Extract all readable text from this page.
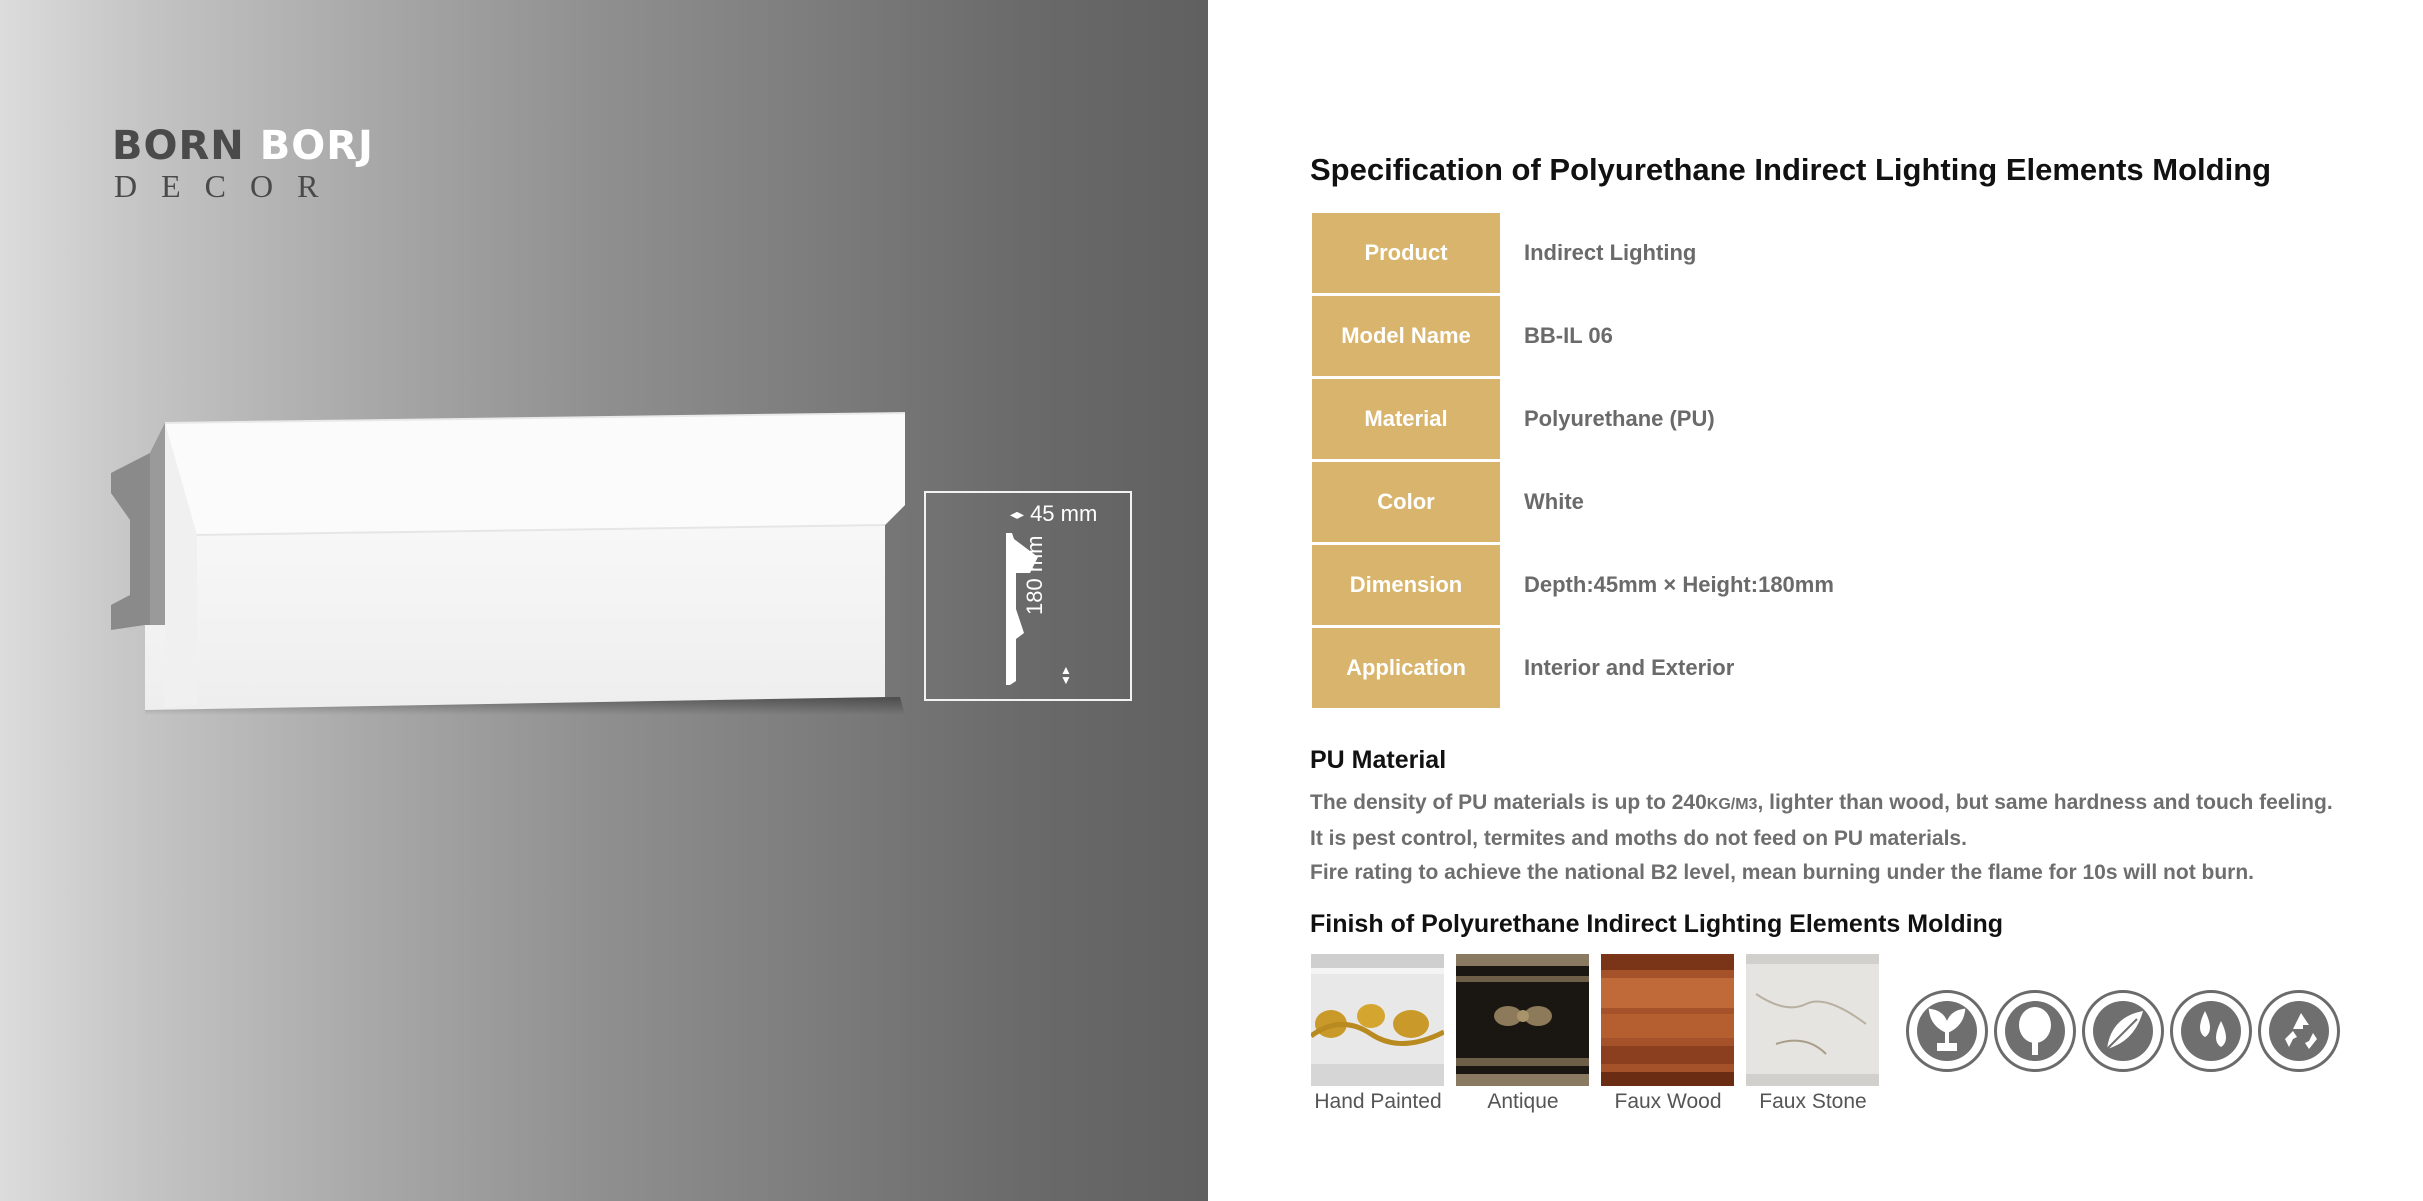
BORN BORJ
DECOR
◂▸ 45 mm
180 mm
▲
▼
Specification of Polyurethane Indirect Lighting Elements Molding
Product	Indirect Lighting
Model Name	BB-IL 06
Material	Polyurethane (PU)
Color	White
Dimension	Depth:45mm × Height:180mm
Application	Interior and Exterior
PU Material
The density of PU materials is up to 240KG/M3, lighter than wood, but same hardness and touch feeling.
It is pest control, termites and moths do not feed on PU materials.
Fire rating to achieve the national B2 level, mean burning under the flame for 10s will not burn.
Finish of Polyurethane Indirect Lighting Elements Molding
Hand Painted	Antique	Faux Wood	Faux Stone
